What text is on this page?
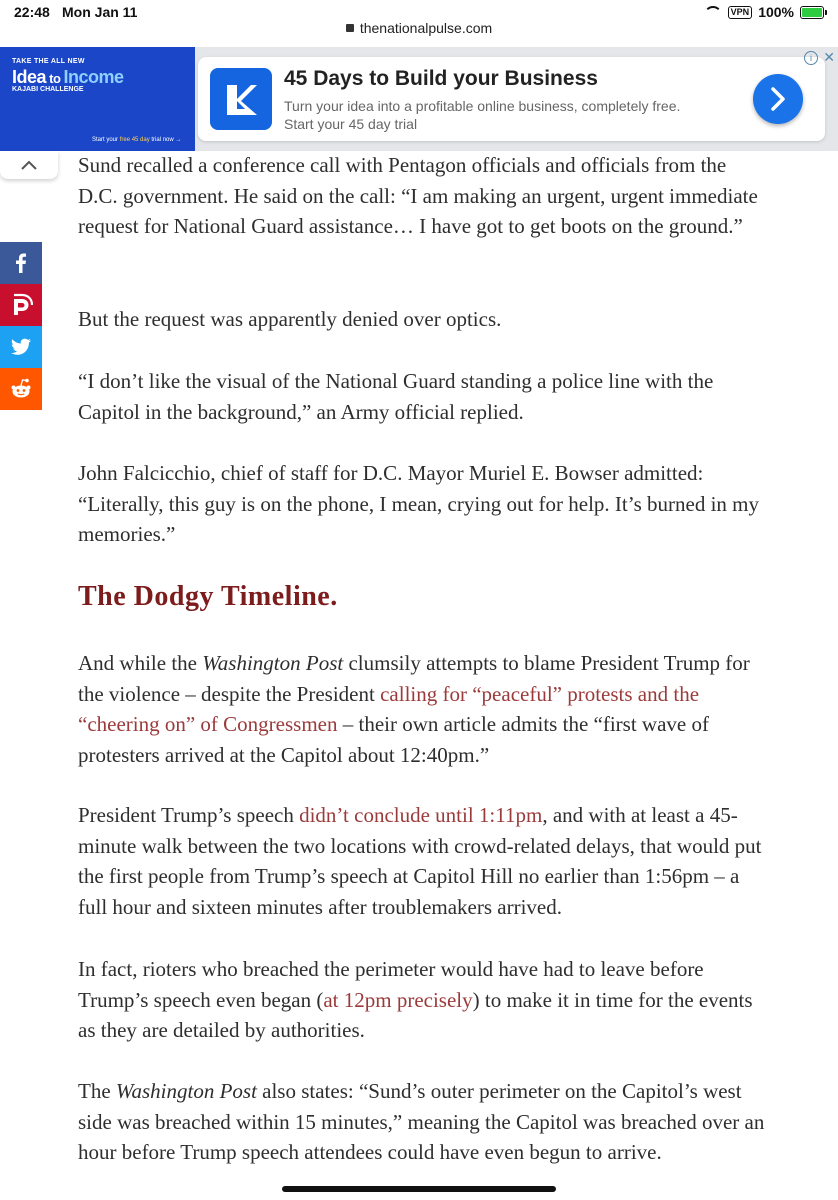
22:48 Mon Jan 11
thenationalpulse.com
VPN 100%
TAKE THE ALL NEW
Idea to Income
KAJABI CHALLENGE
Start your free 45 day trial now →
45 Days to Build your Business
Turn your idea into a profitable online business, completely free.
Start your 45 day trial
i ✕

Sund recalled a conference call with Pentagon officials and officials from the D.C. government. He said on the call: “I am making an urgent, urgent immediate request for National Guard assistance… I have got to get boots on the ground.”

But the request was apparently denied over optics.

“I don’t like the visual of the National Guard standing a police line with the Capitol in the background,” an Army official replied.

John Falcicchio, chief of staff for D.C. Mayor Muriel E. Bowser admitted: “Literally, this guy is on the phone, I mean, crying out for help. It’s burned in my memories.”

The Dodgy Timeline.

And while the Washington Post clumsily attempts to blame President Trump for the violence – despite the President calling for “peaceful” protests and the “cheering on” of Congressmen – their own article admits the “first wave of protesters arrived at the Capitol about 12:40pm.”

President Trump’s speech didn’t conclude until 1:11pm, and with at least a 45-minute walk between the two locations with crowd-related delays, that would put the first people from Trump’s speech at Capitol Hill no earlier than 1:56pm – a full hour and sixteen minutes after troublemakers arrived.

In fact, rioters who breached the perimeter would have had to leave before Trump’s speech even began (at 12pm precisely) to make it in time for the events as they are detailed by authorities.

The Washington Post also states: “Sund’s outer perimeter on the Capitol’s west side was breached within 15 minutes,” meaning the Capitol was breached over an hour before Trump speech attendees could have even begun to arrive.
